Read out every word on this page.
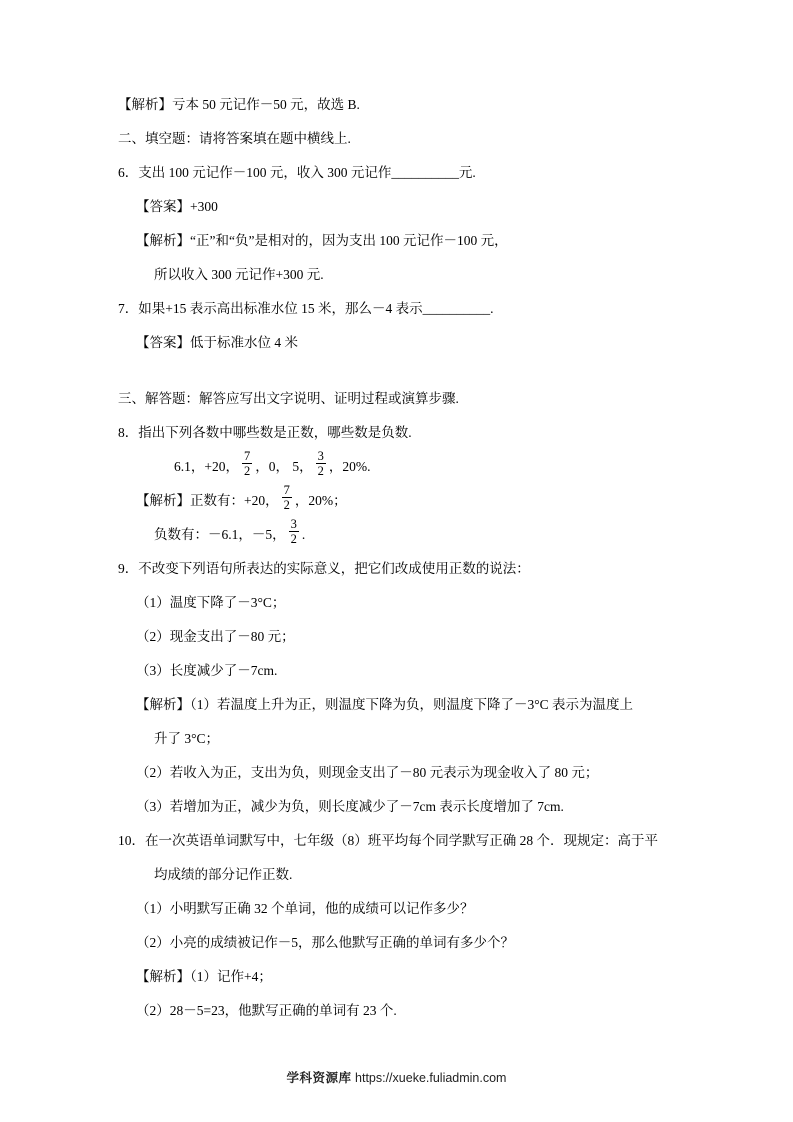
【解析】亏本 50 元记作－50 元，故选 B.
二、填空题：请将答案填在题中横线上.
6．支出 100 元记作－100 元，收入 300 元记作__________元.
【答案】+300
【解析】“正”和“负”是相对的，因为支出 100 元记作－100 元，
所以收入 300 元记作+300 元.
7．如果+15 表示高出标准水位 15 米，那么－4 表示__________.
【答案】低于标准水位 4 米
三、解答题：解答应写出文字说明、证明过程或演算步骤.
8．指出下列各数中哪些数是正数，哪些数是负数.
6.1，+20， $\frac{7}{2}$ ，0， 5， $\frac{3}{2}$ ，20%.
【解析】正数有：+20， $\frac{7}{2}$ ，20%；
负数有：－6.1，－5， $\frac{3}{2}$ .
9．不改变下列语句所表达的实际意义，把它们改成使用正数的说法：
（1）温度下降了－3°C；
（2）现金支出了－80 元；
（3）长度减少了－7cm.
【解析】（1）若温度上升为正，则温度下降为负，则温度下降了－3°C 表示为温度上
升了 3°C；
（2）若收入为正，支出为负，则现金支出了－80 元表示为现金收入了 80 元；
（3）若增加为正，减少为负，则长度减少了－7cm 表示长度增加了 7cm.
10．在一次英语单词默写中，七年级（8）班平均每个同学默写正确 28 个．现规定：高于平
均成绩的部分记作正数.
（1）小明默写正确 32 个单词，他的成绩可以记作多少？
（2）小亮的成绩被记作－5，那么他默写正确的单词有多少个？
【解析】（1）记作+4；
（2）28－5=23，他默写正确的单词有 23 个.
学科资源库 https://xueke.fuliadmin.com
